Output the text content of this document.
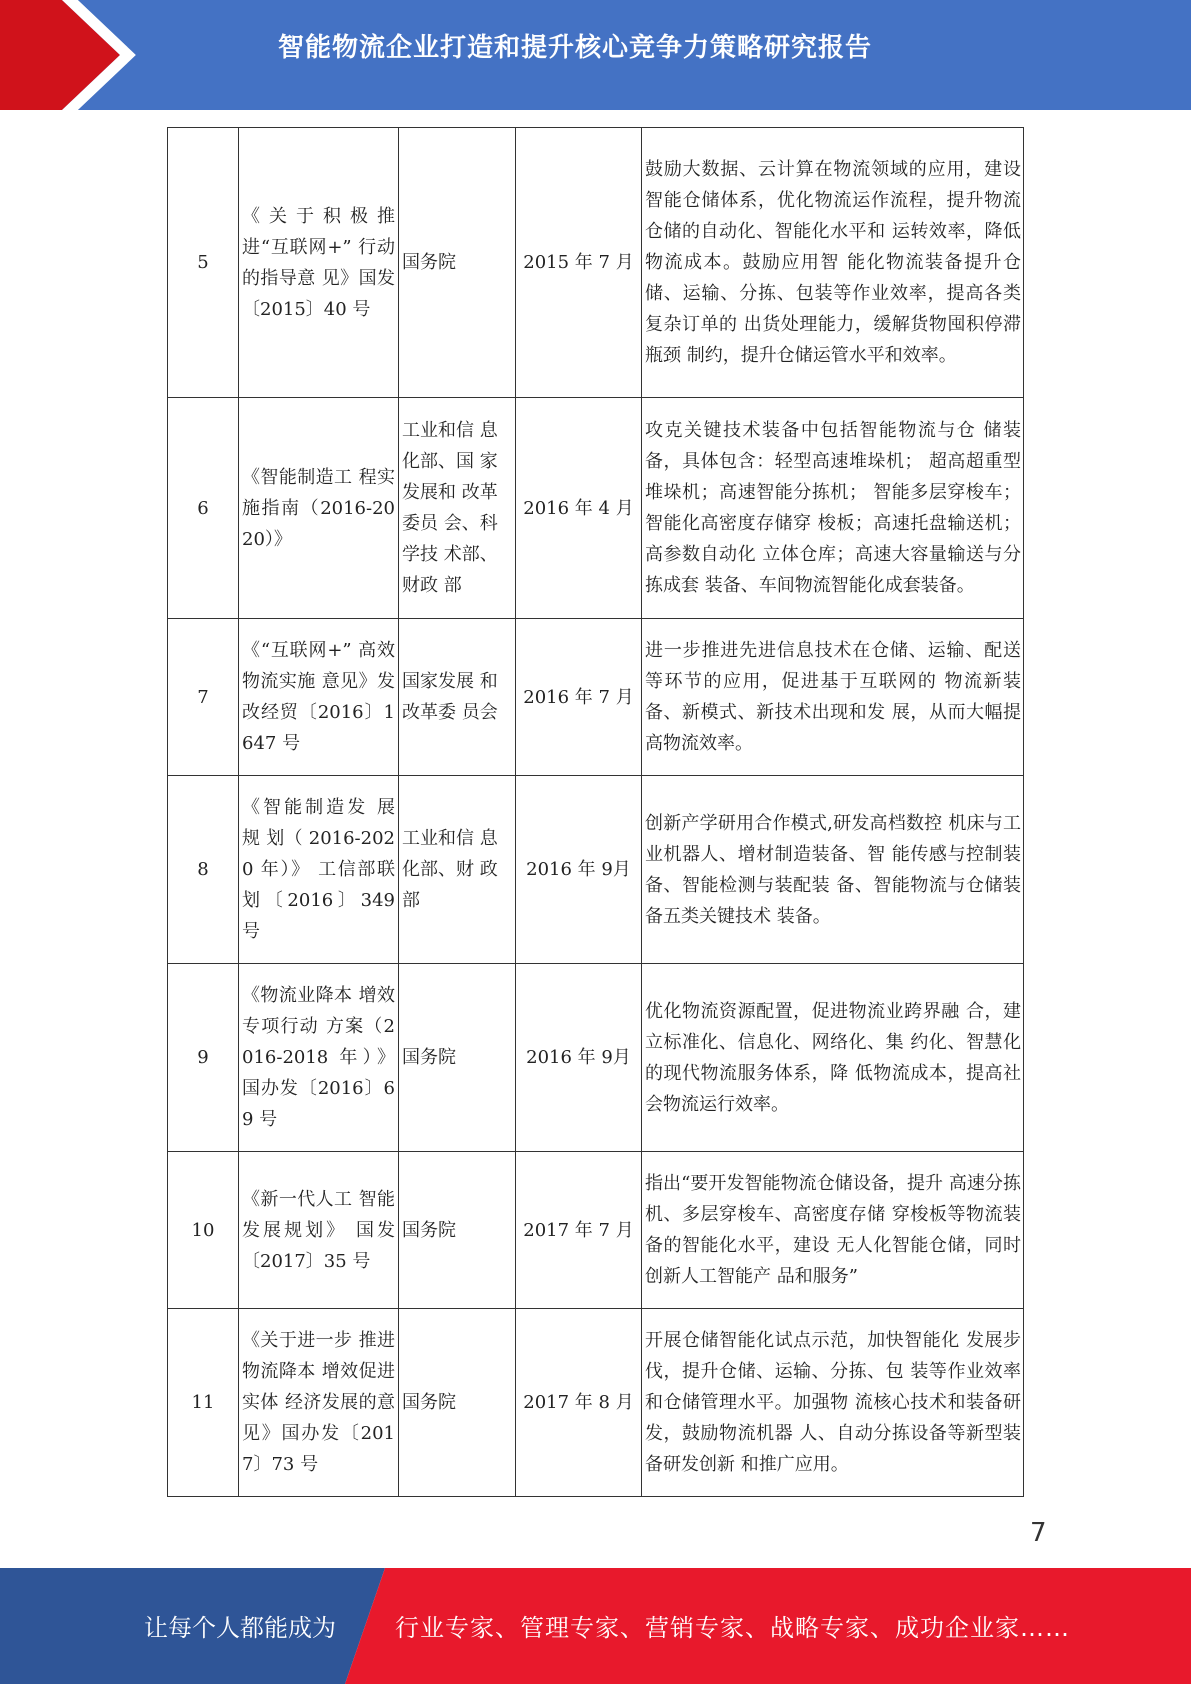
智能物流企业打造和提升核心竞争力策略研究报告
5	《关于积极推 进“互联网+” 行动的指导意 见》国发〔2015〕40 号	国务院	2015 年 7 月	鼓励大数据、云计算在物流领域的应用，建设智能仓储体系，优化物流运作流程，提升物流仓储的自动化、智能化水平和 运转效率，降低物流成本。鼓励应用智 能化物流装备提升仓储、运输、分拣、包装等作业效率，提高各类复杂订单的 出货处理能力，缓解货物囤积停滞瓶颈 制约，提升仓储运管水平和效率。
6	《智能制造工 程实施指南（2016-2020）》	工业和信 息化部、国 家发展和 改革委员 会、科学技 术部、财政 部	2016 年 4 月	攻克关键技术装备中包括智能物流与仓 储装备，具体包含：轻型高速堆垛机； 超高超重型堆垛机；高速智能分拣机； 智能多层穿梭车；智能化高密度存储穿 梭板；高速托盘输送机；高参数自动化 立体仓库；高速大容量输送与分拣成套 装备、车间物流智能化成套装备。
7	《“互联网+” 高效物流实施 意见》发改经贸〔2016〕1647 号	国家发展 和改革委 员会	2016 年 7 月	进一步推进先进信息技术在仓储、运输、配送等环节的应用，促进基于互联网的 物流新装备、新模式、新技术出现和发 展，从而大幅提高物流效率。
8	《智能制造发 展 规 划（ 2016-2020 年）》 工信部联 划〔2016〕349 号	工业和信 息化部、财 政部	2016 年 9月	创新产学研用合作模式,研发高档数控 机床与工业机器人、增材制造装备、智 能传感与控制装备、智能检测与装配装 备、智能物流与仓储装备五类关键技术 装备。
9	《物流业降本 增效专项行动 方案（2016-2018 年）》国办发〔2016〕69 号	国务院	2016 年 9月	优化物流资源配置，促进物流业跨界融 合，建立标准化、信息化、网络化、集 约化、智慧化的现代物流服务体系，降 低物流成本，提高社会物流运行效率。
10	《新一代人工 智能发展规划》 国发〔2017〕35 号	国务院	2017 年 7 月	指出“要开发智能物流仓储设备，提升 高速分拣机、多层穿梭车、高密度存储 穿梭板等物流装备的智能化水平，建设 无人化智能仓储，同时创新人工智能产 品和服务”
11	《关于进一步 推进物流降本 增效促进实体 经济发展的意 见》国办发〔2017〕73 号	国务院	2017 年 8 月	开展仓储智能化试点示范，加快智能化 发展步伐，提升仓储、运输、分拣、包 装等作业效率和仓储管理水平。加强物 流核心技术和装备研发，鼓励物流机器 人、自动分拣设备等新型装备研发创新 和推广应用。
7
让每个人都能成为	行业专家、管理专家、营销专家、战略专家、成功企业家……
